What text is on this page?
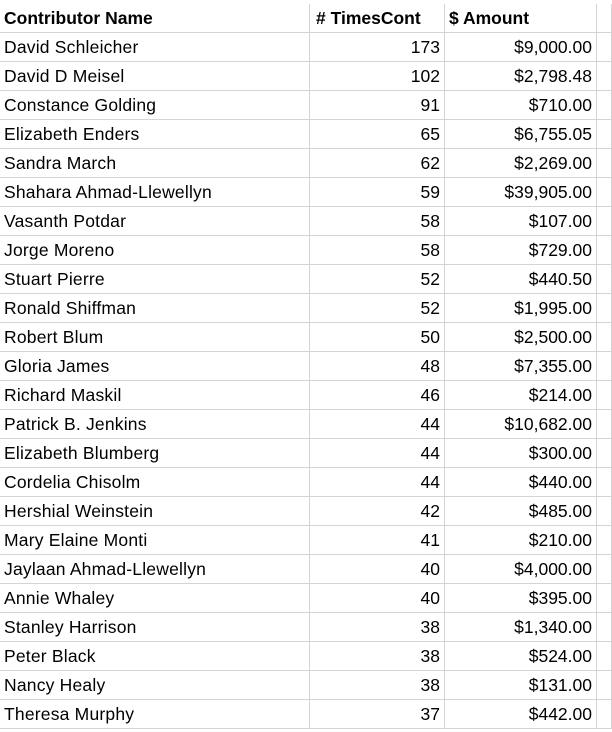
Contributor Name	# TimesCont	$ Amount
David Schleicher	173	$9,000.00
David D Meisel	102	$2,798.48
Constance Golding	91	$710.00
Elizabeth Enders	65	$6,755.05
Sandra March	62	$2,269.00
Shahara Ahmad-Llewellyn	59	$39,905.00
Vasanth Potdar	58	$107.00
Jorge Moreno	58	$729.00
Stuart Pierre	52	$440.50
Ronald Shiffman	52	$1,995.00
Robert Blum	50	$2,500.00
Gloria James	48	$7,355.00
Richard Maskil	46	$214.00
Patrick B. Jenkins	44	$10,682.00
Elizabeth Blumberg	44	$300.00
Cordelia Chisolm	44	$440.00
Hershial Weinstein	42	$485.00
Mary Elaine Monti	41	$210.00
Jaylaan Ahmad-Llewellyn	40	$4,000.00
Annie Whaley	40	$395.00
Stanley Harrison	38	$1,340.00
Peter Black	38	$524.00
Nancy Healy	38	$131.00
Theresa Murphy	37	$442.00
